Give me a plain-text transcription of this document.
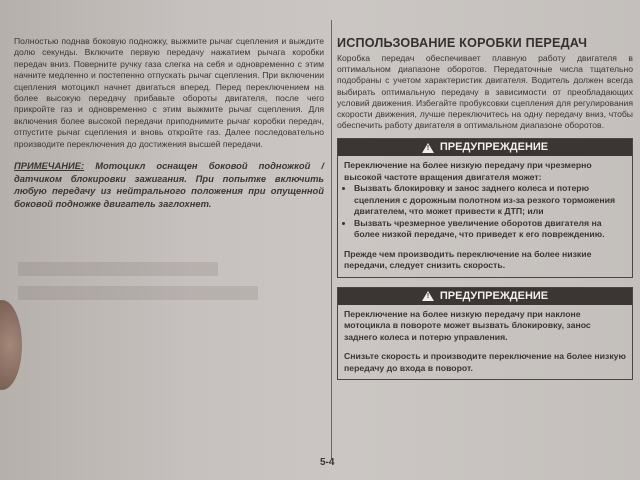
Полностью поднав боковую подножку, выжмите рычаг сцепления и выждите долю секунды. Включите первую передачу нажатием рычага коробки передач вниз. Поверните ручку газа слегка на себя и одновременно с этим начните медленно и постепенно отпускать рычаг сцепления. При включении сцепления мотоцикл начнет двигаться вперед. Перед переключением на более высокую передачу прибавьте обороты двигателя, после чего прикройте газ и одновременно с этим выжмите рычаг сцепления. Для включения более высокой передачи приподнимите рычаг коробки передач, отпустите рычаг сцепления и вновь откройте газ. Далее последовательно производите переключения до достижения высшей передачи.

ПРИМЕЧАНИЕ: Мотоцикл оснащен боковой подножкой / датчиком блокировки зажигания. При попытке включить любую передачу из нейтрального положения при опущенной боковой подножке двигатель заглохнет.

ИСПОЛЬЗОВАНИЕ КОРОБКИ ПЕРЕДАЧ

Коробка передач обеспечивает плавную работу двигателя в оптимальном диапазоне оборотов. Передаточные числа тщательно подобраны с учетом характеристик двигателя. Водитель должен всегда выбирать оптимальную передачу в зависимости от преобладающих условий движения. Избегайте пробуксовки сцепления для регулирования скорости движения, лучше переключитесь на одну передачу вниз, чтобы обеспечить работу двигателя в оптимальном диапазоне оборотов.

! ПРЕДУПРЕЖДЕНИЕ

Переключение на более низкую передачу при чрезмерно высокой частоте вращения двигателя может:

• Вызвать блокировку и занос заднего колеса и потерю сцепления с дорожным полотном из-за резкого торможения двигателем, что может привести к ДТП; или
• Вызвать чрезмерное увеличение оборотов двигателя на более низкой передаче, что приведет к его повреждению.

Прежде чем производить переключение на более низкие передачи, следует снизить скорость.

! ПРЕДУПРЕЖДЕНИЕ

Переключение на более низкую передачу при наклоне мотоцикла в повороте может вызвать блокировку, занос заднего колеса и потерю управления.

Снизьте скорость и производите переключение на более низкую передачу до входа в поворот.

5-4
